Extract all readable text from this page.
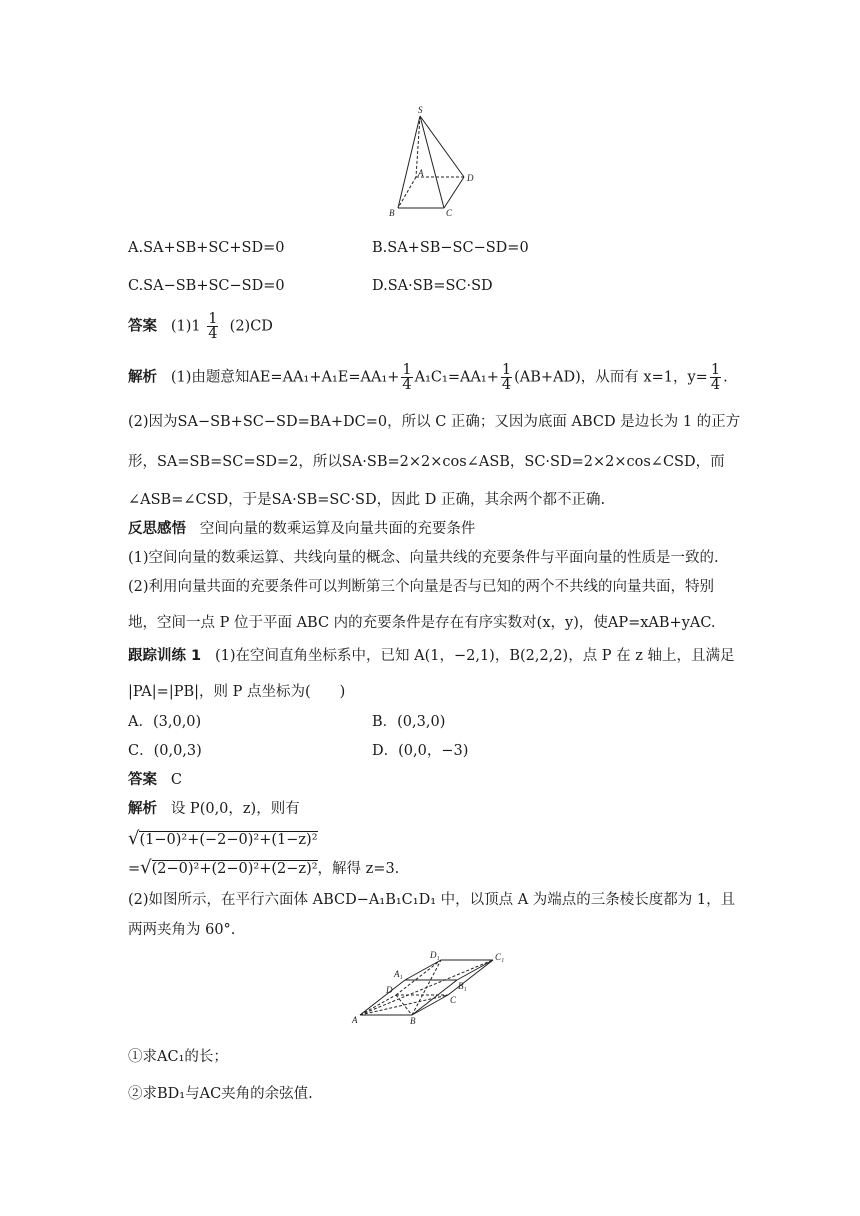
S
A
B	C
D
A.SA+SB+SC+SD=0	B.SA+SB−SC−SD=0
C.SA−SB+SC−SD=0	D.SA·SB=SC·SD
答案 $(1)1 \frac{1}{4} (2)CD$
解析 (1)由题意知$AE=AA_1+A_1E=AA_1+ \frac{1}{4} A_1C_1=AA_1+ \frac{1}{4} (AB+AD)$，从而有 x=1，$y= \frac{1}{4}$ .
(2)因为SA−SB+SC−SD=BA+DC=0，所以 C 正确；又因为底面 ABCD 是边长为 1 的正方
形，SA=SB=SC=SD=2，所以SA·SB=2×2×cos∠ASB，SC·SD=2×2×cos∠CSD，而
∠ASB=∠CSD，于是SA·SB=SC·SD，因此 D 正确，其余两个都不正确.
反思感悟 空间向量的数乘运算及向量共面的充要条件
(1)空间向量的数乘运算、共线向量的概念、向量共线的充要条件与平面向量的性质是一致的.
(2)利用向量共面的充要条件可以判断第三个向量是否与已知的两个不共线的向量共面，特别
地，空间一点 P 位于平面 ABC 内的充要条件是存在有序实数对(x，y)，使AP=xAB+yAC.
跟踪训练 1 (1)在空间直角坐标系中，已知 A(1，−2,1)，B(2,2,2)，点 P 在 z 轴上，且满足
|PA|=|PB|，则 P 点坐标为(　　)
A．(3,0,0)	B．(0,3,0)
C．(0,0,3)	D．(0,0，−3)
答案 C
解析 设 P(0,0，z)，则有
√(1−0)²+(−2−0)²+(1−z)²
=√(2−0)²+(2−0)²+(2−z)²，解得 z=3.
(2)如图所示，在平行六面体 ABCD−A₁B₁C₁D₁ 中，以顶点 A 为端点的三条棱长度都为 1，且
两两夹角为 60°.
A	B
C
D
A₁
B₁
C₁
D₁
①求AC₁的长；
②求BD₁与AC夹角的余弦值.
